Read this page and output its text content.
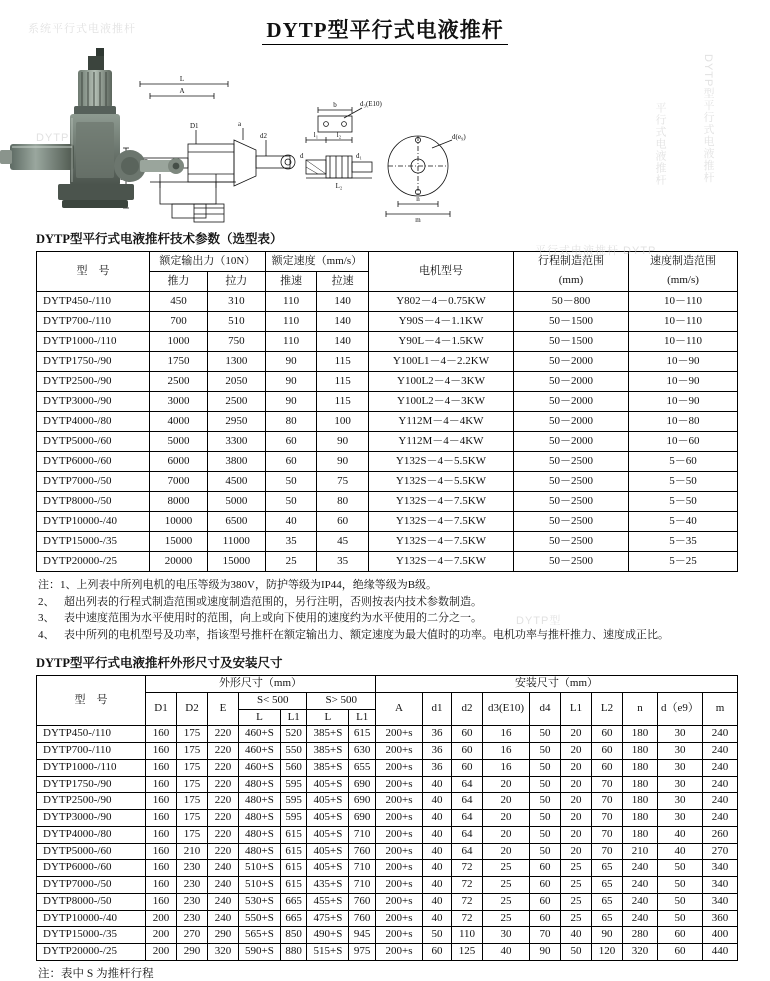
系统平行式电液推杆
DYTP型平行式电液推杆
平行式电液推杆
DYTP
平行式电液推杆 DYTP
DYTP型
DYTP型平行式电液推杆
L
A
D1	a
d2	l₁	l₂
d	d₁
L₂
b
d(e₉)
d₃(E10)
n
m
DYTP型平行式电液推杆技术参数（选型表）
型　号	额定输出力（10N）		额定速度（mm/s）		电机型号	行程制造范围	速度制造范围
	推力	拉力	推速	拉速		(mm)	(mm/s)
DYTP450-/110	450	310	110	140	Y802－4－0.75KW	50－800	10－110
DYTP700-/110	700	510	110	140	Y90S－4－1.1KW	50－1500	10－110
DYTP1000-/110	1000	750	110	140	Y90L－4－1.5KW	50－1500	10－110
DYTP1750-/90	1750	1300	90	115	Y100L1－4－2.2KW	50－2000	10－90
DYTP2500-/90	2500	2050	90	115	Y100L2－4－3KW	50－2000	10－90
DYTP3000-/90	3000	2500	90	115	Y100L2－4－3KW	50－2000	10－90
DYTP4000-/80	4000	2950	80	100	Y112M－4－4KW	50－2000	10－80
DYTP5000-/60	5000	3300	60	90	Y112M－4－4KW	50－2000	10－60
DYTP6000-/60	6000	3800	60	90	Y132S－4－5.5KW	50－2500	5－60
DYTP7000-/50	7000	4500	50	75	Y132S－4－5.5KW	50－2500	5－50
DYTP8000-/50	8000	5000	50	80	Y132S－4－7.5KW	50－2500	5－50
DYTP10000-/40	10000	6500	40	60	Y132S－4－7.5KW	50－2500	5－40
DYTP15000-/35	15000	11000	35	45	Y132S－4－7.5KW	50－2500	5－35
DYTP20000-/25	20000	15000	25	35	Y132S－4－7.5KW	50－2500	5－25
注：1、上列表中所列电机的电压等级为380V，防护等级为IP44，绝缘等级为B级。
2、 超出列表的行程式制造范围或速度制造范围的，另行注明，否则按表内技术参数制造。
3、 表中速度范围为水平使用时的范围，向上或向下使用的速度约为水平使用的二分之一。
4、 表中所列的电机型号及功率，指该型号推杆在额定输出力、额定速度为最大值时的功率。电机功率与推杆推力、速度成正比。
DYTP型平行式电液推杆外形尺寸及安装尺寸
型　号	外形尺寸（mm）							安装尺寸（mm）									
	D1	D2	E	S< 500		S> 500		A	d1	d2	d3(E10)	d4	L1	L2	n	d（e9）	m
				L	L1	L	L1										
DYTP450-/110	160	175	220	460+S	520	385+S	615	200+s	36	60	16	50	20	60	180	30	240
DYTP700-/110	160	175	220	460+S	550	385+S	630	200+s	36	60	16	50	20	60	180	30	240
DYTP1000-/110	160	175	220	460+S	560	385+S	655	200+s	36	60	16	50	20	60	180	30	240
DYTP1750-/90	160	175	220	480+S	595	405+S	690	200+s	40	64	20	50	20	70	180	30	240
DYTP2500-/90	160	175	220	480+S	595	405+S	690	200+s	40	64	20	50	20	70	180	30	240
DYTP3000-/90	160	175	220	480+S	595	405+S	690	200+s	40	64	20	50	20	70	180	30	240
DYTP4000-/80	160	175	220	480+S	615	405+S	710	200+s	40	64	20	50	20	70	180	40	260
DYTP5000-/60	160	210	220	480+S	615	405+S	760	200+s	40	64	20	50	20	70	210	40	270
DYTP6000-/60	160	230	240	510+S	615	405+S	710	200+s	40	72	25	60	25	65	240	50	340
DYTP7000-/50	160	230	240	510+S	615	435+S	710	200+s	40	72	25	60	25	65	240	50	340
DYTP8000-/50	160	230	240	530+S	665	455+S	760	200+s	40	72	25	60	25	65	240	50	340
DYTP10000-/40	200	230	240	550+S	665	475+S	760	200+s	40	72	25	60	25	65	240	50	360
DYTP15000-/35	200	270	290	565+S	850	490+S	945	200+s	50	110	30	70	40	90	280	60	400
DYTP20000-/25	200	290	320	590+S	880	515+S	975	200+s	60	125	40	90	50	120	320	60	440
注：表中 S 为推杆行程
